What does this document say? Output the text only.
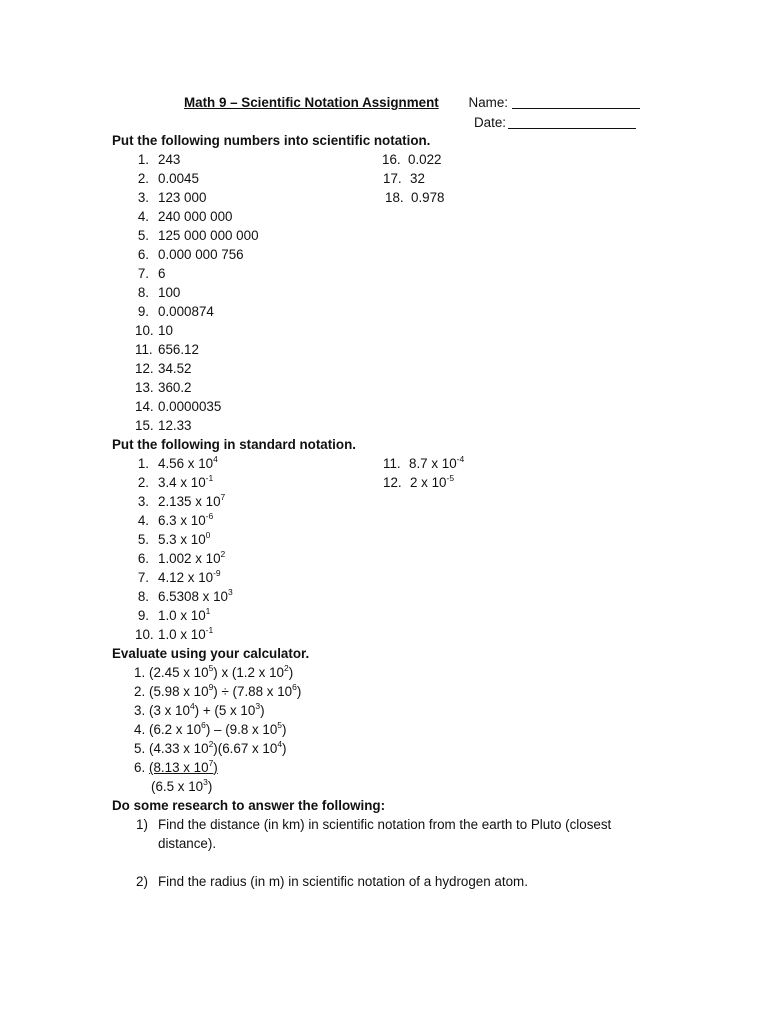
Math 9 – Scientific Notation Assignment	Name:
Date:
Put the following numbers into scientific notation.
1. 243
2. 0.0045
3. 123 000
4. 240 000 000
5. 125 000 000 000
6. 0.000 000 756
7. 6
8. 100
9. 0.000874
10. 10
11. 656.12
12. 34.52
13. 360.2
14. 0.0000035
15. 12.33
16. 0.022
17. 32
18. 0.978
Put the following in standard notation.
1. 4.56 x $10^4$
2. 3.4 x $10^{-1}$
3. 2.135 x $10^7$
4. 6.3 x $10^{-6}$
5. 5.3 x $10^0$
6. 1.002 x $10^2$
7. 4.12 x $10^{-9}$
8. 6.5308 x $10^3$
9. 1.0 x $10^1$
10. 1.0 x $10^{-1}$
11. 8.7 x $10^{-4}$
12. 2 x $10^{-5}$
Evaluate using your calculator.
1. (2.45 x $10^5$) x (1.2 x $10^2$)
2. (5.98 x $10^9) \div (7.88$ x $10^6$)
3. (3 x $10^4) + (5$ x $10^3$)
4. (6.2 x $10^6) - (9.8$ x $10^5$)
5. (4.33 x $10^2)(6.67$ x $10^4$)
6. (8.13 x $10^7$)
(6.5 x $10^3$)
Do some research to answer the following:
1) Find the distance (in km) in scientific notation from the earth to Pluto (closest distance).
2) Find the radius (in m) in scientific notation of a hydrogen atom.
